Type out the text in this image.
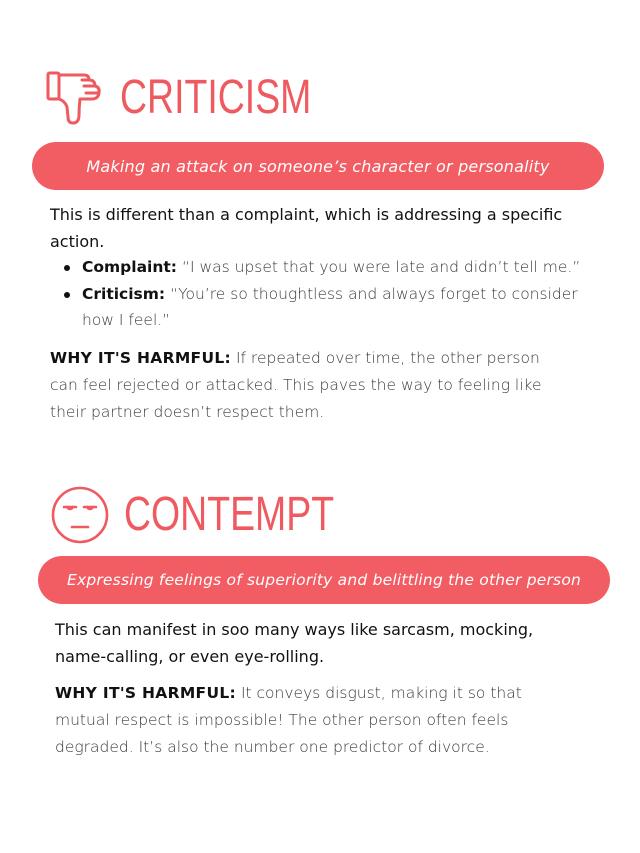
CRITICISM
Making an attack on someone’s character or personality
This is different than a complaint, which is addressing a specific action.
Complaint: “I was upset that you were late and didn’t tell me.”
Criticism: “You’re so thoughtless and always forget to consider how I feel.”
WHY IT'S HARMFUL: If repeated over time, the other person can feel rejected or attacked. This paves the way to feeling like their partner doesn’t respect them.
CONTEMPT
Expressing feelings of superiority and belittling the other person
This can manifest in soo many ways like sarcasm, mocking, name-calling, or even eye-rolling.
WHY IT'S HARMFUL: It conveys disgust, making it so that mutual respect is impossible! The other person often feels degraded. It’s also the number one predictor of divorce.
